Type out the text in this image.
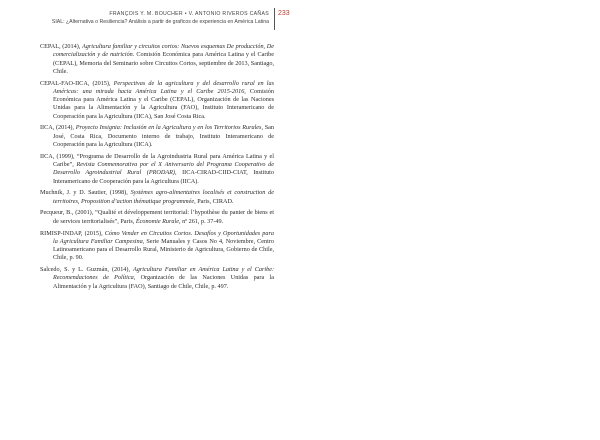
FRANÇOIS Y. M. BOUCHER • V. ANTONIO RIVEROS CAÑAS
SIAL: ¿Alternativa o Resiliencia? Análisis a partir de graficos de experiencia en América Latina
233

CEPAL, (2014), Agricultura familiar y circuitos cortos: Nuevos esquemas De producción, De comercialización y de nutrición. Comisión Económica para América Latina y el Caribe (CEPAL), Memoria del Seminario sobre Circuitos Cortos, septiembre de 2013, Santiago, Chile.

CEPAL-FAO-IICA, (2015), Perspectivas de la agricultura y del desarrollo rural en las Américas: una mirada hacia América Latina y el Caribe 2015-2016, Comisión Económica para América Latina y el Caribe (CEPAL), Organización de las Naciones Unidas para la Alimentación y la Agricultura (FAO), Instituto Interamericano de Cooperación para la Agricultura (IICA), San José Costa Rica.

IICA, (2014), Proyecto Insignia: Inclusión en la Agricultura y en los Territorios Rurales, San José, Costa Rica, Documento interno de trabajo, Instituto Interamericano de Cooperación para la Agricultura (IICA).

IICA, (1999), “Programa de Desarrollo de la Agroindustria Rural para América Latina y el Caribe”, Revista Conmemorativa por el X Aniversario del Programa Cooperativo de Desarrollo Agroindustrial Rural (PRODAR), IICA-CIRAD-CIID-CIAT, Instituto Interamericano de Cooperación para la Agricultura (IICA).

Muchnik, J. y D. Sautier, (1998), Systèmes agro-alimentaires localisés et construction de territoires, Proposition d’action thématique programmée, Paris, CIRAD.

Pecqueur, B., (2001), “Qualité et développement territorial: l’hypothèse du panier de biens et de services territorialisés”, Paris, Économie Rurale, nº 261, p. 37-49.

RIMISP-INDAP, (2015), Cómo Vender en Circuitos Cortos. Desafíos y Oportunidades para la Agricultura Familiar Campesina, Serie Manuales y Casos No 4, Noviembre, Centro Latinoamericano para el Desarrollo Rural, Ministerio de Agricultura, Gobierno de Chile, Chile, p. 90.

Salcedo, S. y L. Guzmán, (2014), Agricultura Familiar en América Latina y el Caribe: Recomendaciones de Política, Organización de las Naciones Unidas para la Alimentación y la Agricultura (FAO), Santiago de Chile, Chile, p. 497.
